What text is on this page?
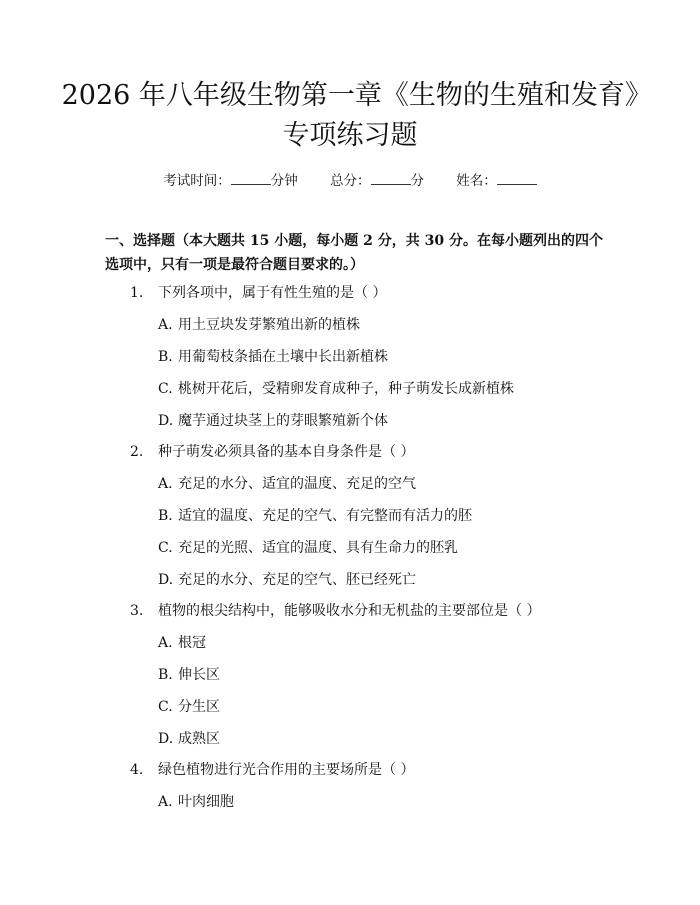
2026 年八年级生物第一章《生物的生殖和发育》专项练习题
考试时间：	分钟 总分：	分 姓名：
一、选择题（本大题共 15 小题，每小题 2 分，共 30 分。在每小题列出的四个选项中，只有一项是最符合题目要求的。）
1. 下列各项中，属于有性生殖的是（ ）
A. 用土豆块发芽繁殖出新的植株
B. 用葡萄枝条插在土壤中长出新植株
C. 桃树开花后，受精卵发育成种子，种子萌发长成新植株
D. 魔芋通过块茎上的芽眼繁殖新个体
2. 种子萌发必须具备的基本自身条件是（ ）
A. 充足的水分、适宜的温度、充足的空气
B. 适宜的温度、充足的空气、有完整而有活力的胚
C. 充足的光照、适宜的温度、具有生命力的胚乳
D. 充足的水分、充足的空气、胚已经死亡
3. 植物的根尖结构中，能够吸收水分和无机盐的主要部位是（ ）
A. 根冠
B. 伸长区
C. 分生区
D. 成熟区
4. 绿色植物进行光合作用的主要场所是（ ）
A. 叶肉细胞
